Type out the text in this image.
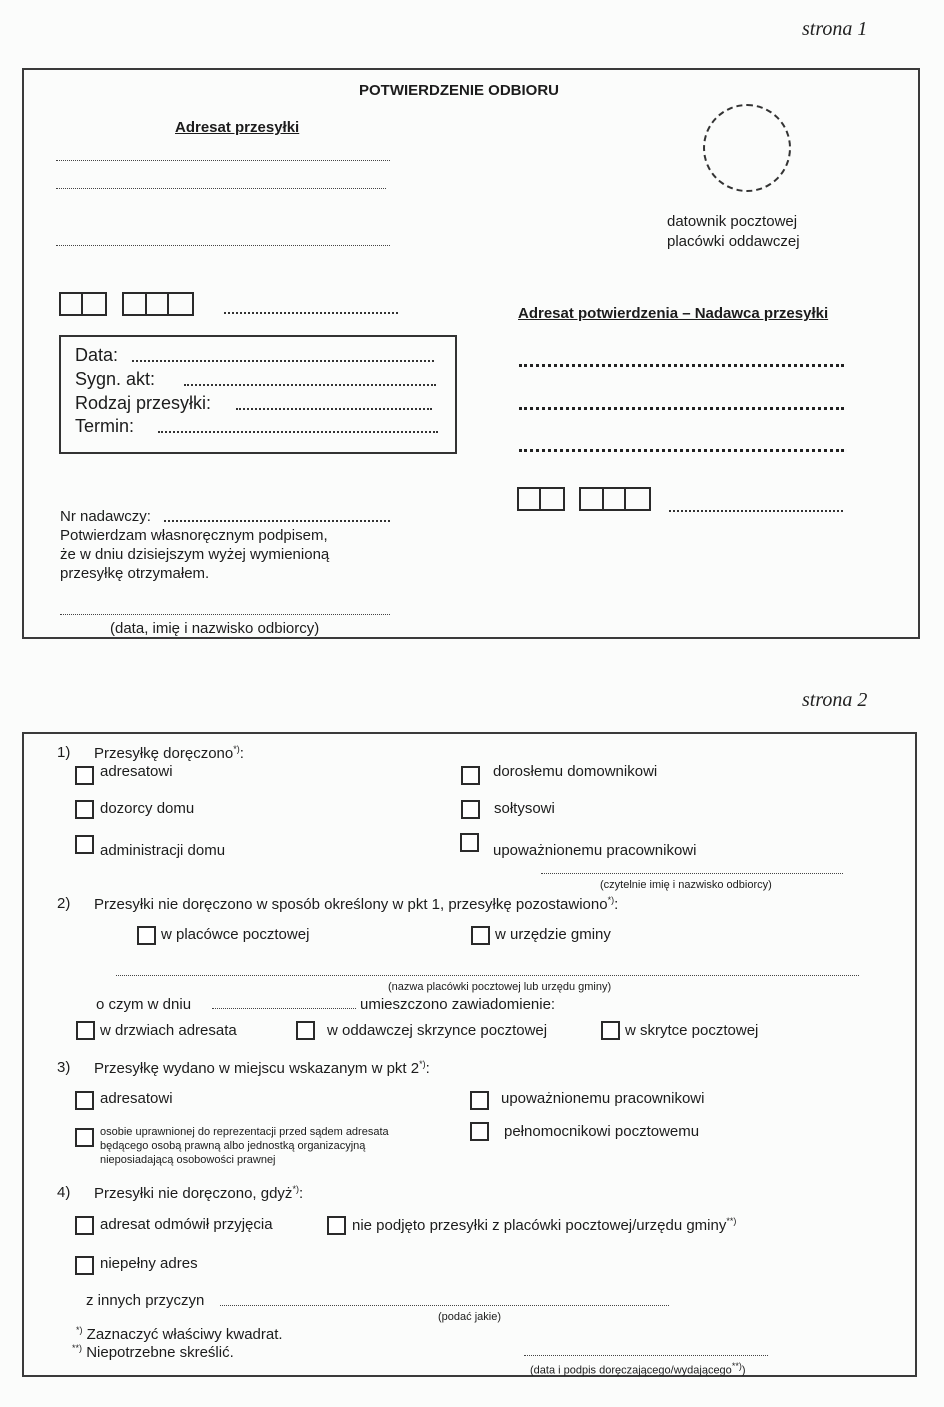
strona 1
POTWIERDZENIE ODBIORU
Adresat przesyłki
datownik pocztowej
placówki oddawczej
Adresat potwierdzenia – Nadawca przesyłki
Data:
Sygn. akt:
Rodzaj przesyłki:
Termin:
Nr nadawczy:
Potwierdzam własnoręcznym podpisem,
że w dniu dzisiejszym wyżej wymienioną
przesyłkę otrzymałem.
(data, imię i nazwisko odbiorcy)
strona 2
1) Przesyłkę doręczono*):
adresatowi	dorosłemu domownikowi
dozorcy domu	sołtysowi
administracji domu	upoważnionemu pracownikowi
(czytelnie imię i nazwisko odbiorcy)
2) Przesyłki nie doręczono w sposób określony w pkt 1, przesyłkę pozostawiono*):
w placówce pocztowej	w urzędzie gminy
(nazwa placówki pocztowej lub urzędu gminy)
o czym w dniu	umieszczono zawiadomienie:
w drzwiach adresata	w oddawczej skrzynce pocztowej	w skrytce pocztowej
3) Przesyłkę wydano w miejscu wskazanym w pkt 2*):
adresatowi	upoważnionemu pracownikowi
osobie uprawnionej do reprezentacji przed sądem adresata
będącego osobą prawną albo jednostką organizacyjną
nieposiadającą osobowości prawnej
pełnomocnikowi pocztowemu
4) Przesyłki nie doręczono, gdyż*):
adresat odmówił przyjęcia	nie podjęto przesyłki z placówki pocztowej/urzędu gminy**)
niepełny adres
z innych przyczyn
(podać jakie)
*) Zaznaczyć właściwy kwadrat.
**) Niepotrzebne skreślić.
(data i podpis doręczającego/wydającego**))
